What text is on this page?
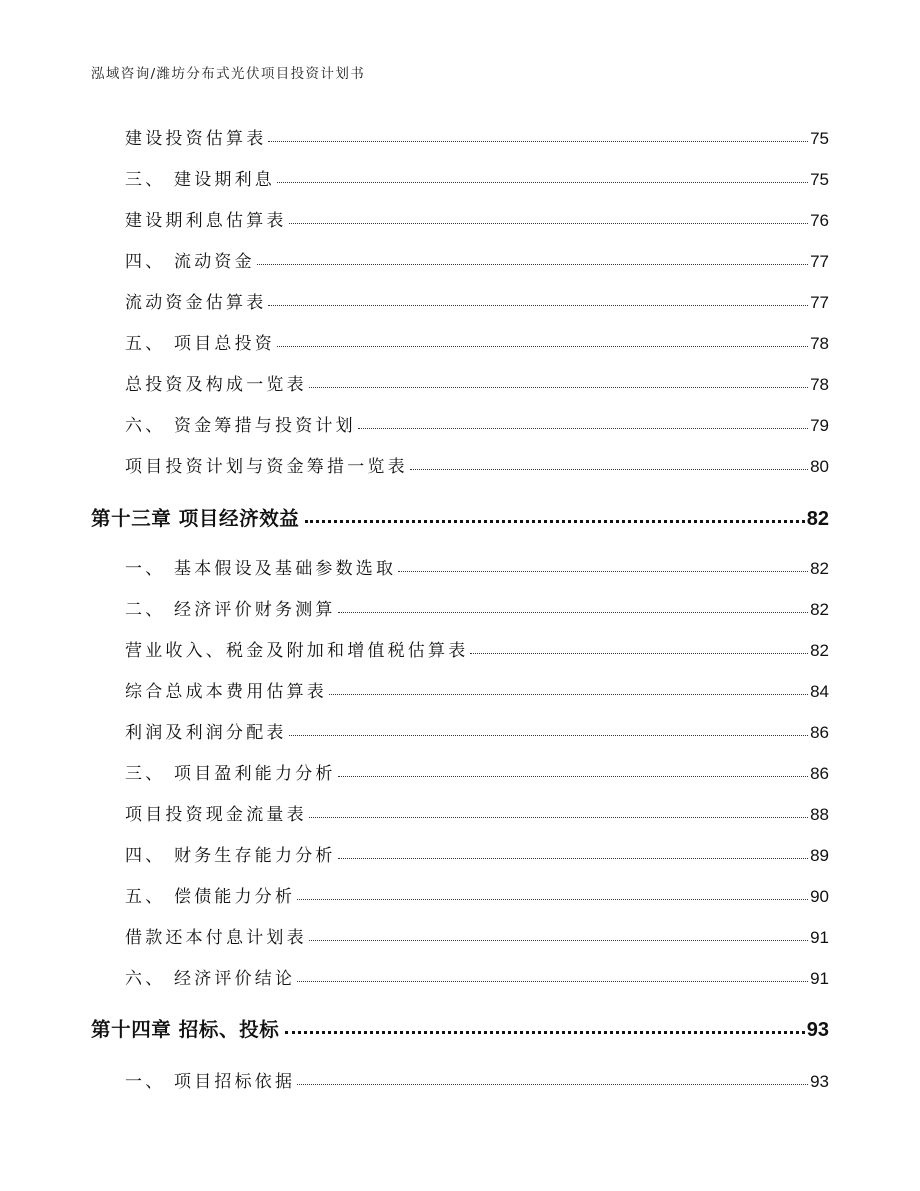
泓域咨询/潍坊分布式光伏项目投资计划书
建设投资估算表	75
三、 建设期利息	75
建设期利息估算表	76
四、 流动资金	77
流动资金估算表	77
五、 项目总投资	78
总投资及构成一览表	78
六、 资金筹措与投资计划	79
项目投资计划与资金筹措一览表	80
第十三章 项目经济效益	82
一、 基本假设及基础参数选取	82
二、 经济评价财务测算	82
营业收入、税金及附加和增值税估算表	82
综合总成本费用估算表	84
利润及利润分配表	86
三、 项目盈利能力分析	86
项目投资现金流量表	88
四、 财务生存能力分析	89
五、 偿债能力分析	90
借款还本付息计划表	91
六、 经济评价结论	91
第十四章 招标、投标	93
一、 项目招标依据	93
